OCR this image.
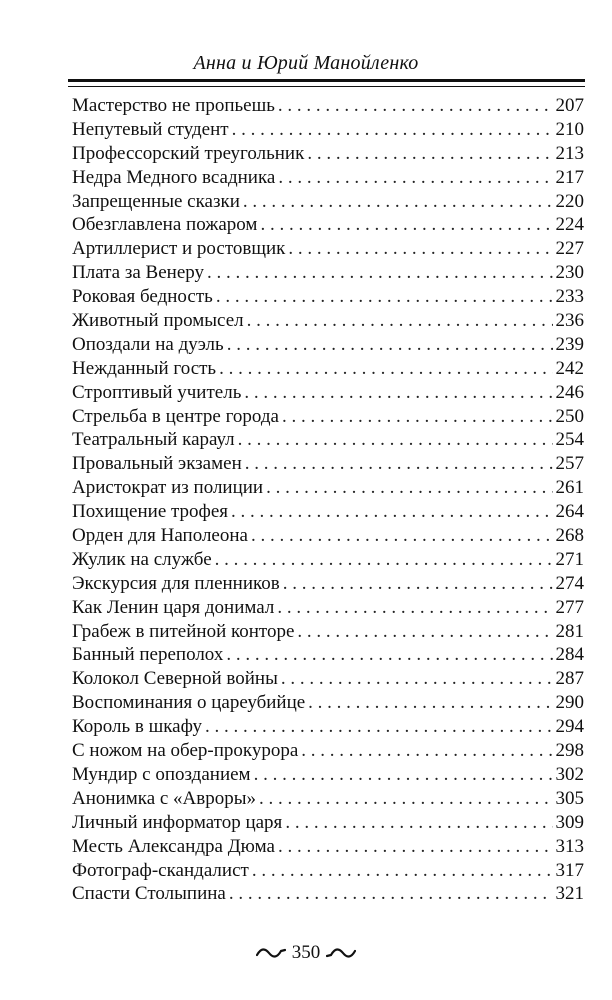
Анна и Юрий Манойленко
Мастерство не пропьешь . . .	207
Непутевый студент . . .	210
Профессорский треугольник . . .	213
Недра Медного всадника . . .	217
Запрещенные сказки . . .	220
Обезглавлена пожаром . . .	224
Артиллерист и ростовщик . . .	227
Плата за Венеру . . .	230
Роковая бедность . . .	233
Животный промысел . . .	236
Опоздали на дуэль . . .	239
Нежданный гость . . .	242
Строптивый учитель . . .	246
Стрельба в центре города . . .	250
Театральный караул . . .	254
Провальный экзамен . . .	257
Аристократ из полиции . . .	261
Похищение трофея . . .	264
Орден для Наполеона . . .	268
Жулик на службе . . .	271
Экскурсия для пленников . . .	274
Как Ленин царя донимал . . .	277
Грабеж в питейной конторе . . .	281
Банный переполох . . .	284
Колокол Северной войны . . .	287
Воспоминания о цареубийце . . .	290
Король в шкафу . . .	294
С ножом на обер-прокурора . . .	298
Мундир с опозданием . . .	302
Анонимка с «Авроры» . . .	305
Личный информатор царя . . .	309
Месть Александра Дюма . . .	313
Фотограф-скандалист . . .	317
Спасти Столыпина . . .	321
350
